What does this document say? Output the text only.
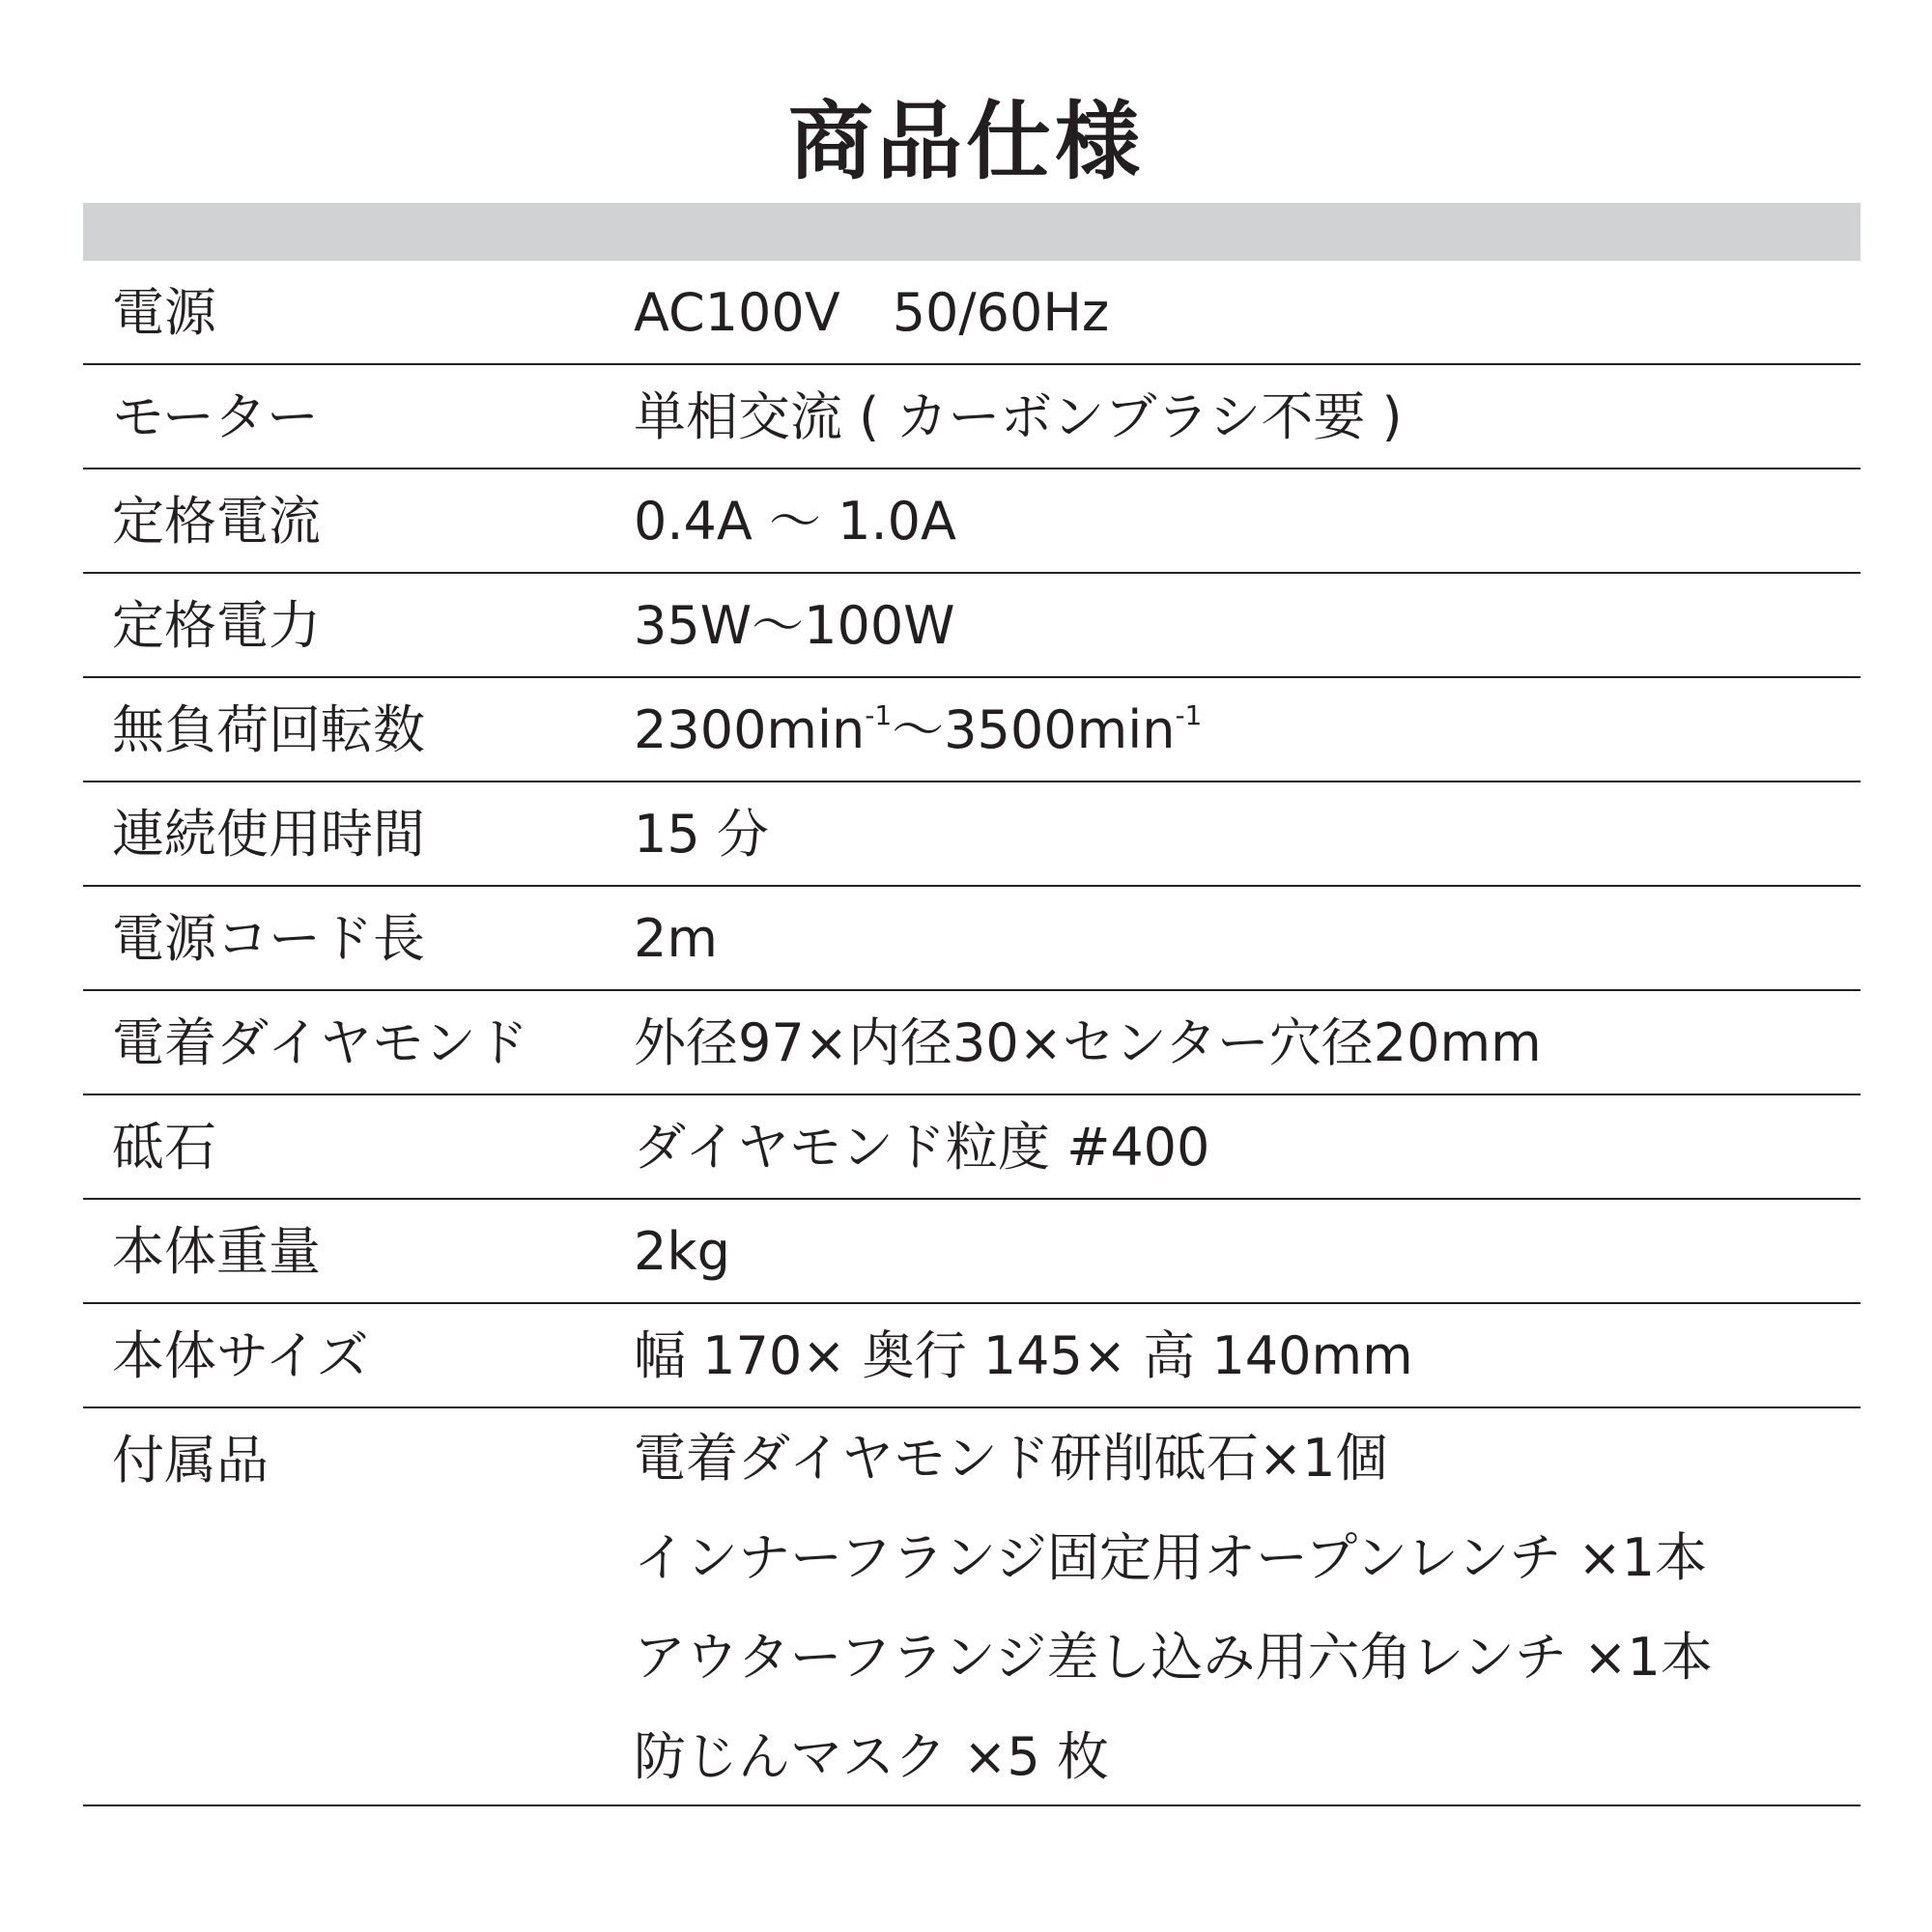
商品仕様
電源	AC100V　50/60Hz
モーター	単相交流 ( カーボンブラシ不要 )
定格電流	0.4A ～ 1.0A
定格電力	35W～100W
無負荷回転数	$2300\min^{-1}\sim 3500\min^{-1}$
連続使用時間	15 分
電源コード長	2m
電着ダイヤモンド	外径97×内径30×センター穴径20mm
砥石	ダイヤモンド粒度 #400
本体重量	2kg
本体サイズ	幅 170× 奥行 145× 高 140mm
付属品	電着ダイヤモンド研削砥石×1個
インナーフランジ固定用オープンレンチ ×1本
アウターフランジ差し込み用六角レンチ ×1本
防じんマスク ×5 枚
